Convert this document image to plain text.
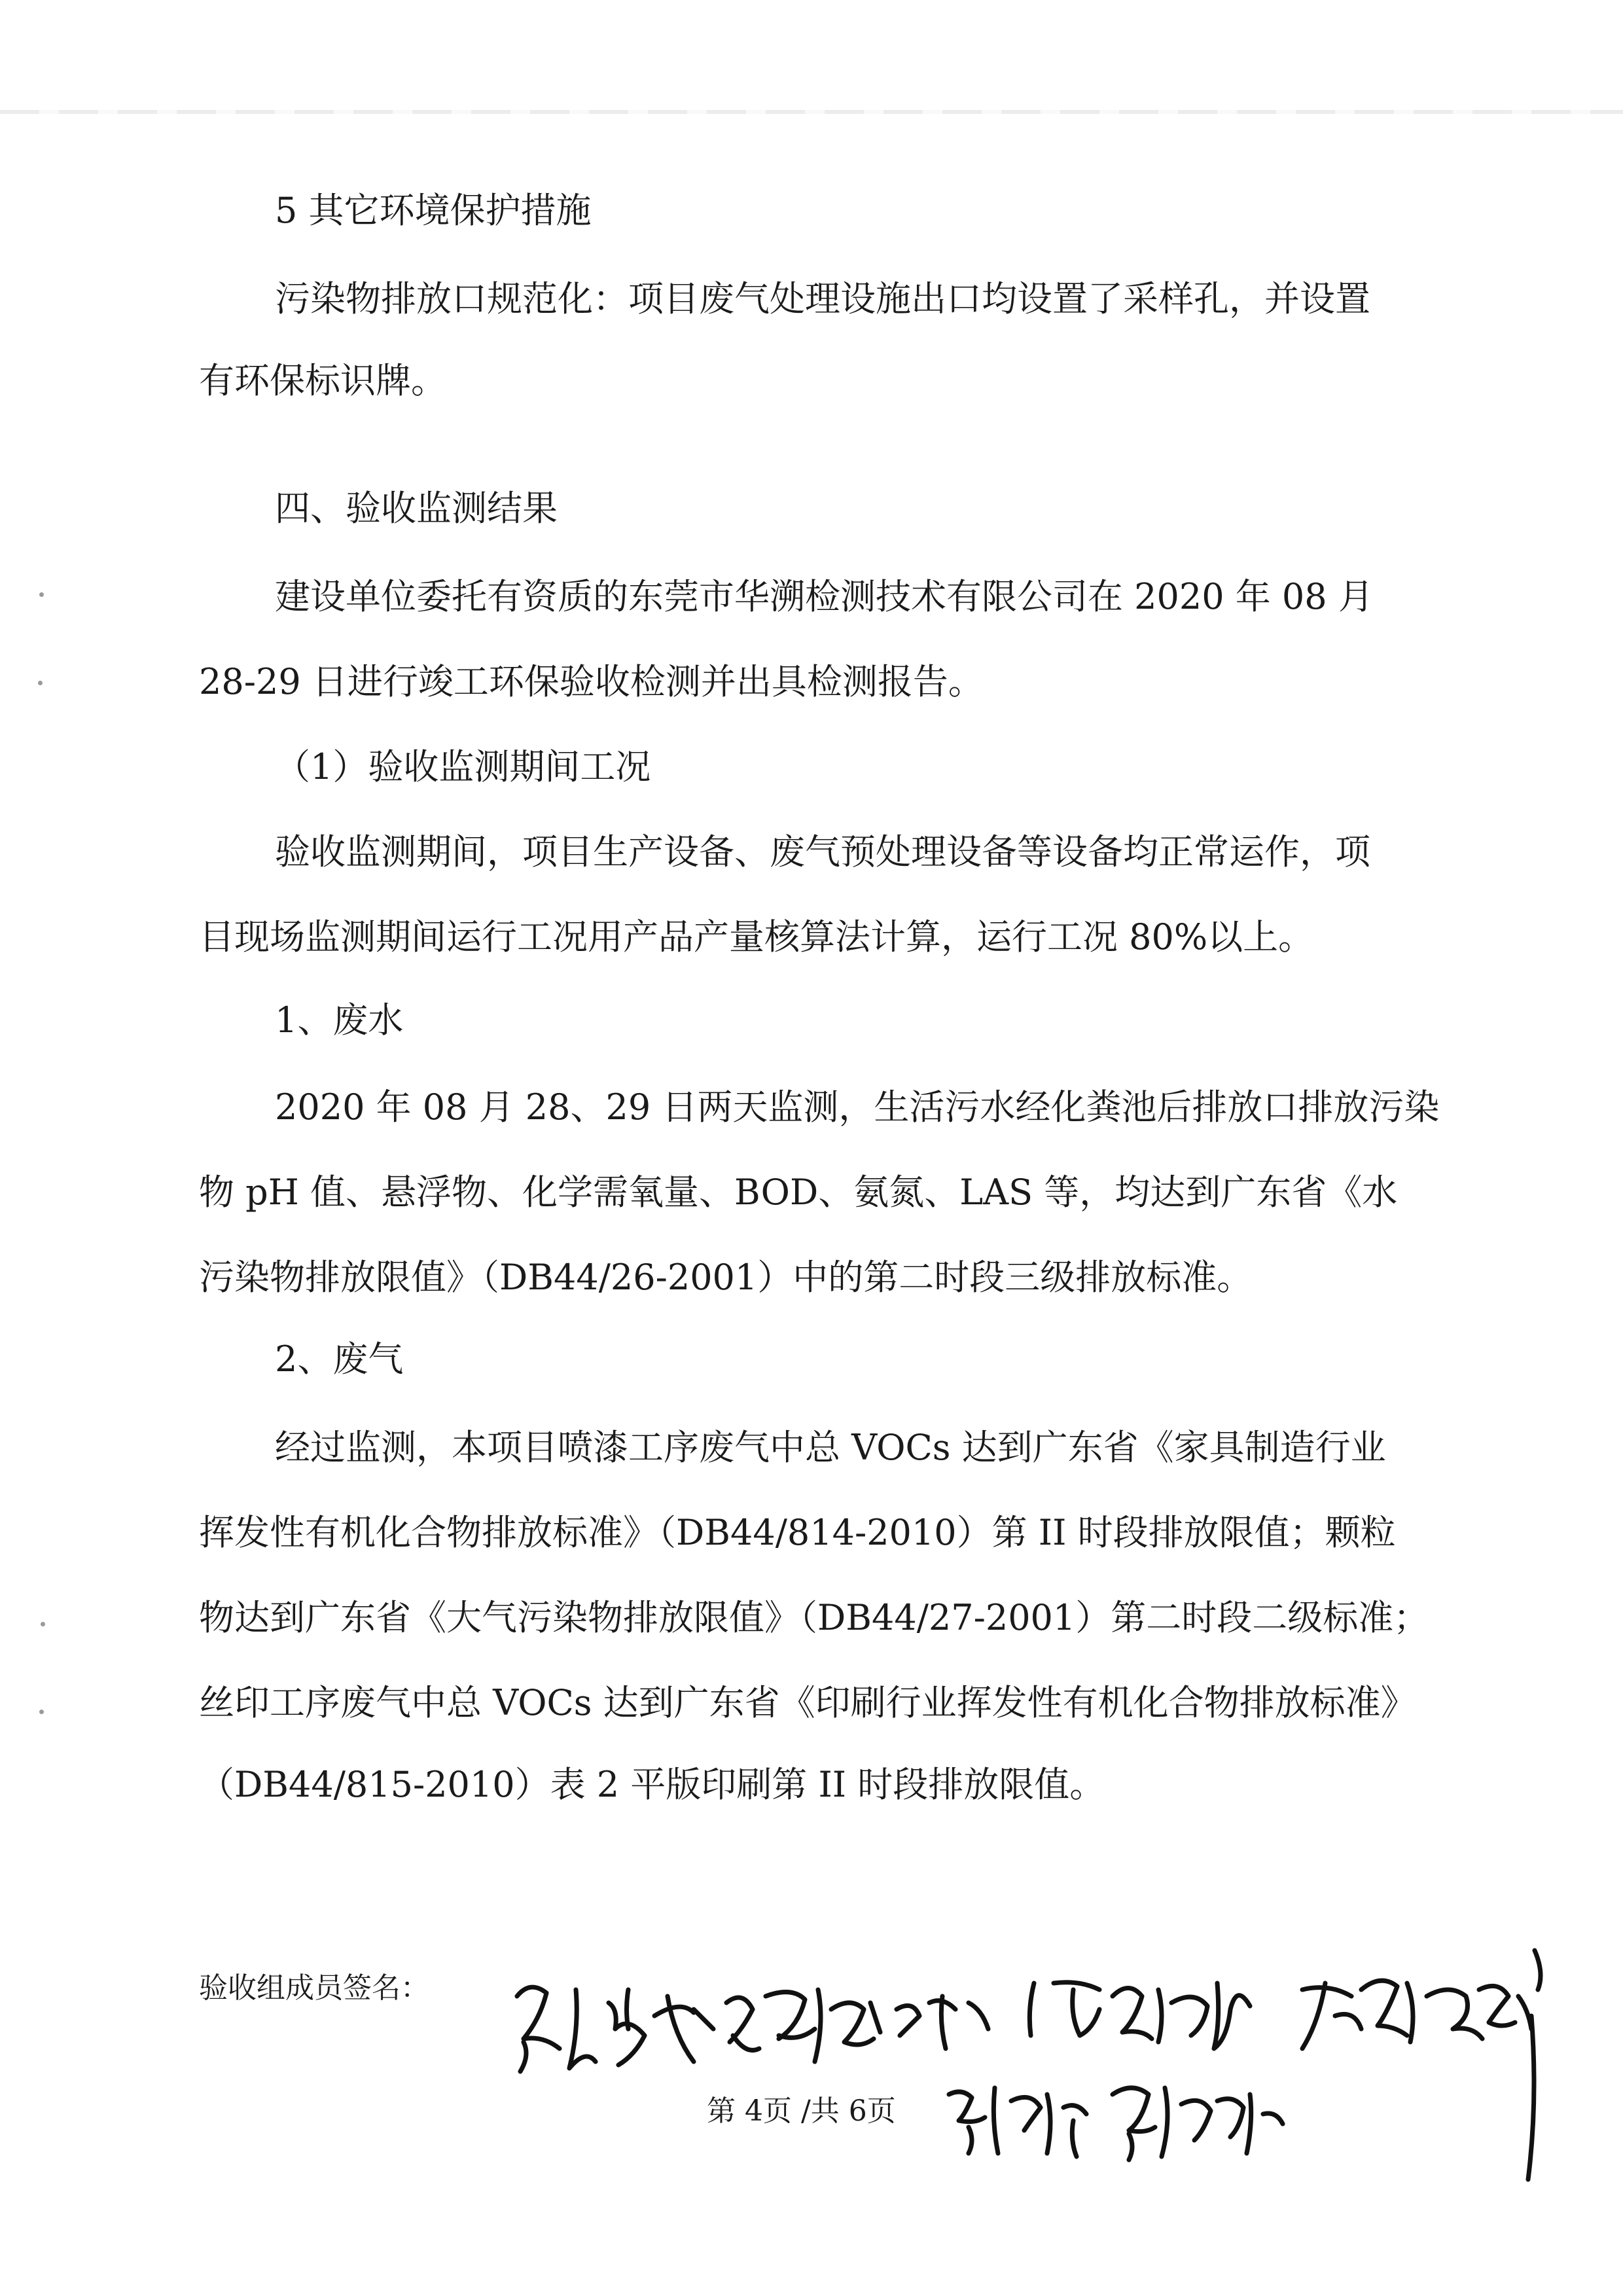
5 其它环境保护措施
污染物排放口规范化：项目废气处理设施出口均设置了采样孔，并设置
有环保标识牌。
四、验收监测结果
建设单位委托有资质的东莞市华溯检测技术有限公司在 2020 年 08 月
28-29 日进行竣工环保验收检测并出具检测报告。
（1）验收监测期间工况
验收监测期间，项目生产设备、废气预处理设备等设备均正常运作，项
目现场监测期间运行工况用产品产量核算法计算，运行工况 80%以上。
1、废水
2020 年 08 月 28、29 日两天监测，生活污水经化粪池后排放口排放污染
物 pH 值、悬浮物、化学需氧量、BOD、氨氮、LAS 等，均达到广东省《水
污染物排放限值》（DB44/26-2001）中的第二时段三级排放标准。
2、废气
经过监测，本项目喷漆工序废气中总 VOCs 达到广东省《家具制造行业
挥发性有机化合物排放标准》（DB44/814-2010）第 II 时段排放限值；颗粒
物达到广东省《大气污染物排放限值》（DB44/27-2001）第二时段二级标准；
丝印工序废气中总 VOCs 达到广东省《印刷行业挥发性有机化合物排放标准》
（DB44/815-2010）表 2 平版印刷第 II 时段排放限值。
验收组成员签名：
第 4页 /共 6页
